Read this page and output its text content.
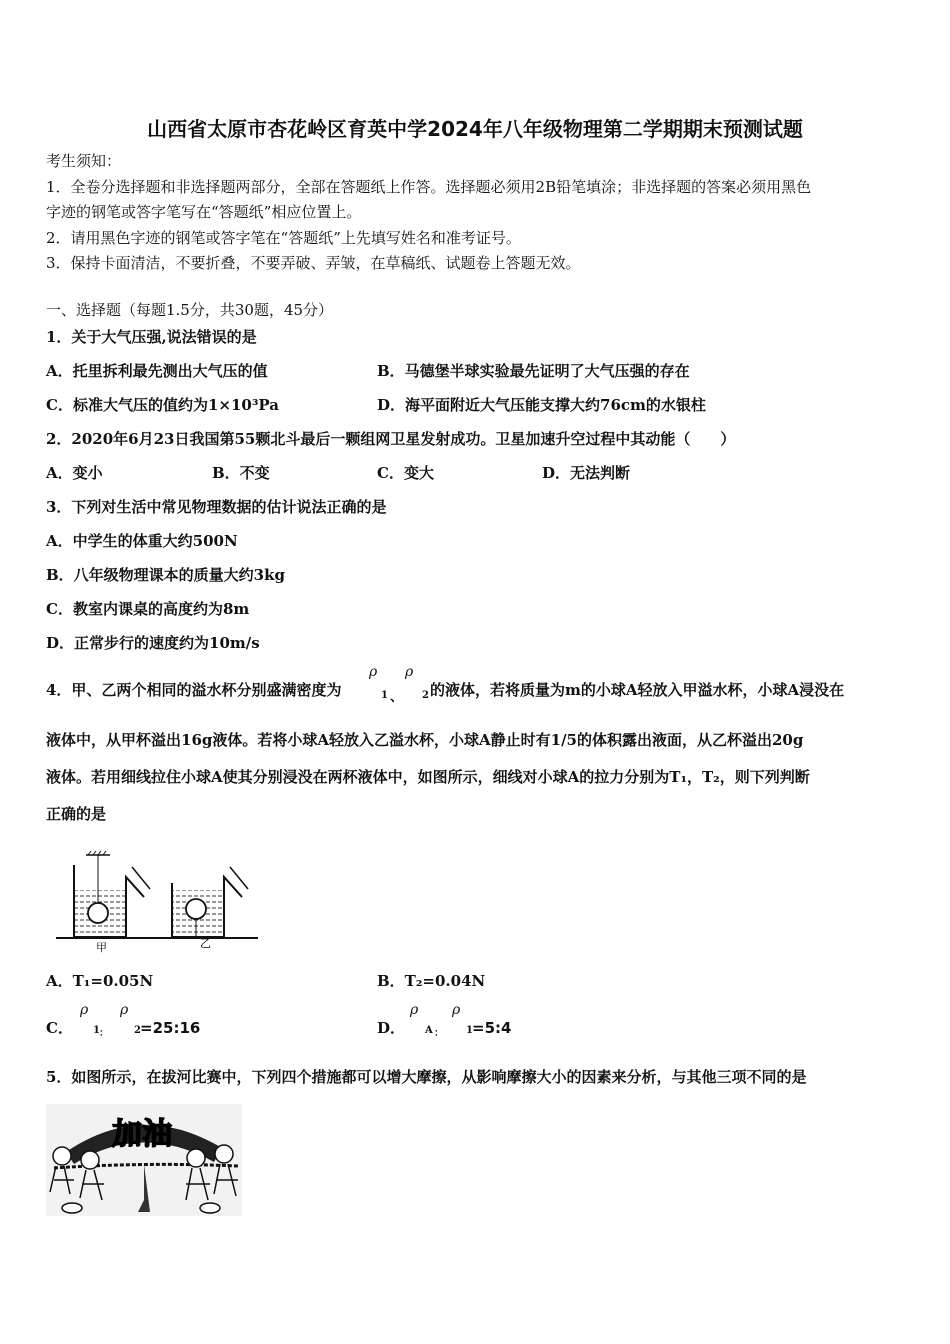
山西省太原市杏花岭区育英中学2024年八年级物理第二学期期末预测试题
考生须知：
1．全卷分选择题和非选择题两部分，全部在答题纸上作答。选择题必须用2B铅笔填涂；非选择题的答案必须用黑色
字迹的钢笔或答字笔写在“答题纸”相应位置上。
2．请用黑色字迹的钢笔或答字笔在“答题纸”上先填写姓名和准考证号。
3．保持卡面清洁，不要折叠，不要弄破、弄皱，在草稿纸、试题卷上答题无效。
一、选择题（每题1.5分，共30题，45分）
1．关于大气压强,说法错误的是
A．托里拆利最先测出大气压的值	B．马德堡半球实验最先证明了大气压强的存在
C．标准大气压的值约为1×10³Pa	D．海平面附近大气压能支撑大约76cm的水银柱
2．2020年6月23日我国第55颗北斗最后一颗组网卫星发射成功。卫星加速升空过程中其动能（　　）
A．变小	B．不变	C．变大	D．无法判断
3．下列对生活中常见物理数据的估计说法正确的是
A．中学生的体重大约500N
B．八年级物理课本的质量大约3kg
C．教室内课桌的高度约为8m
D．正常步行的速度约为10m/s
4．甲、乙两个相同的溢水杯分别盛满密度为
ρ
1 、
ρ
2 的液体，若将质量为m的小球A轻放入甲溢水杯，小球A浸没在
液体中，从甲杯溢出16g液体。若将小球A轻放入乙溢水杯，小球A静止时有1/5的体积露出液面，从乙杯溢出20g
液体。若用细线拉住小球A使其分别浸没在两杯液体中，如图所示，细线对小球A的拉力分别为T₁，T₂，则下列判断
正确的是
甲	乙
A．T₁=0.05N	B．T₂=0.04N
C．
ρ
1 ：
ρ
2 =25:16	D．
ρ
A ：
ρ
1 =5:4
5．如图所示，在拔河比赛中，下列四个措施都可以增大摩擦，从影响摩擦大小的因素来分析，与其他三项不同的是
加油
